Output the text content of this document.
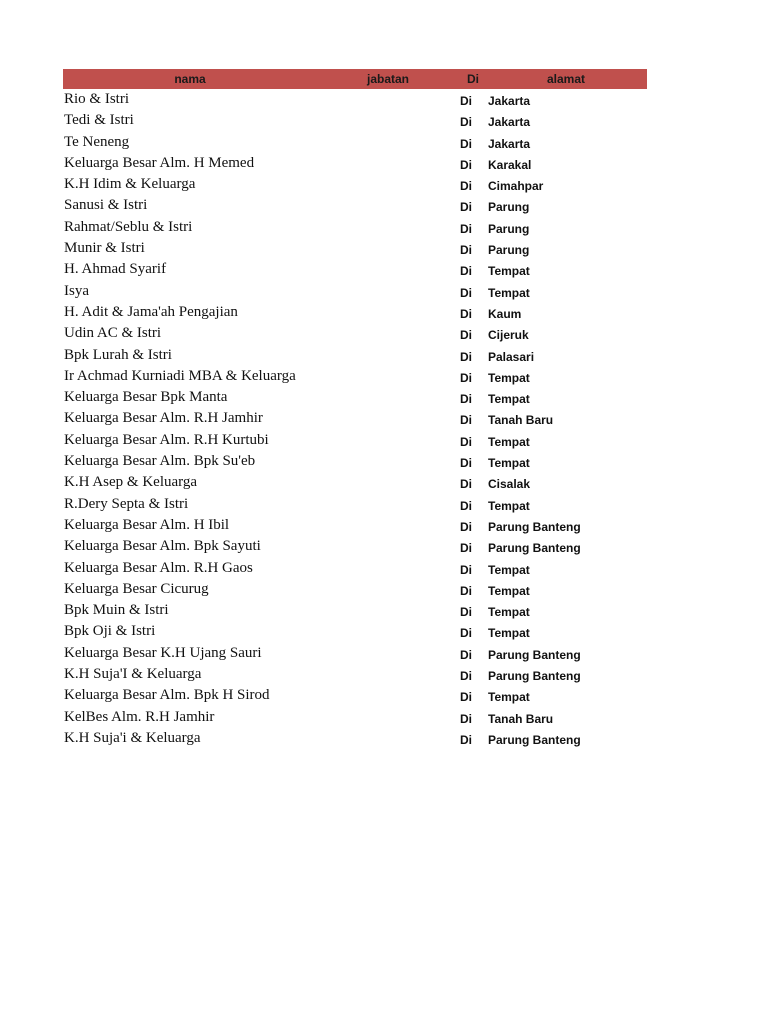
nama	jabatan	Di	alamat
Rio & Istri	Di Jakarta
Tedi & Istri	Di Jakarta
Te Neneng	Di Jakarta
Keluarga Besar Alm. H Memed	Di Karakal
K.H Idim & Keluarga	Di Cimahpar
Sanusi & Istri	Di Parung
Rahmat/Seblu & Istri	Di Parung
Munir & Istri	Di Parung
H. Ahmad Syarif	Di Tempat
Isya	Di Tempat
H. Adit & Jama'ah Pengajian	Di Kaum
Udin AC & Istri	Di Cijeruk
Bpk Lurah & Istri	Di Palasari
Ir Achmad Kurniadi MBA & Keluarga	Di Tempat
Keluarga Besar Bpk Manta	Di Tempat
Keluarga Besar Alm. R.H Jamhir	Di Tanah Baru
Keluarga Besar Alm. R.H Kurtubi	Di Tempat
Keluarga Besar Alm. Bpk Su'eb	Di Tempat
K.H Asep & Keluarga	Di Cisalak
R.Dery Septa & Istri	Di Tempat
Keluarga Besar Alm. H Ibil	Di Parung Banteng
Keluarga Besar Alm. Bpk Sayuti	Di Parung Banteng
Keluarga Besar Alm. R.H Gaos	Di Tempat
Keluarga Besar Cicurug	Di Tempat
Bpk Muin & Istri	Di Tempat
Bpk Oji & Istri	Di Tempat
Keluarga Besar K.H Ujang Sauri	Di Parung Banteng
K.H Suja'I & Keluarga	Di Parung Banteng
Keluarga Besar Alm. Bpk H Sirod	Di Tempat
KelBes Alm. R.H Jamhir	Di Tanah Baru
K.H Suja'i & Keluarga	Di Parung Banteng
